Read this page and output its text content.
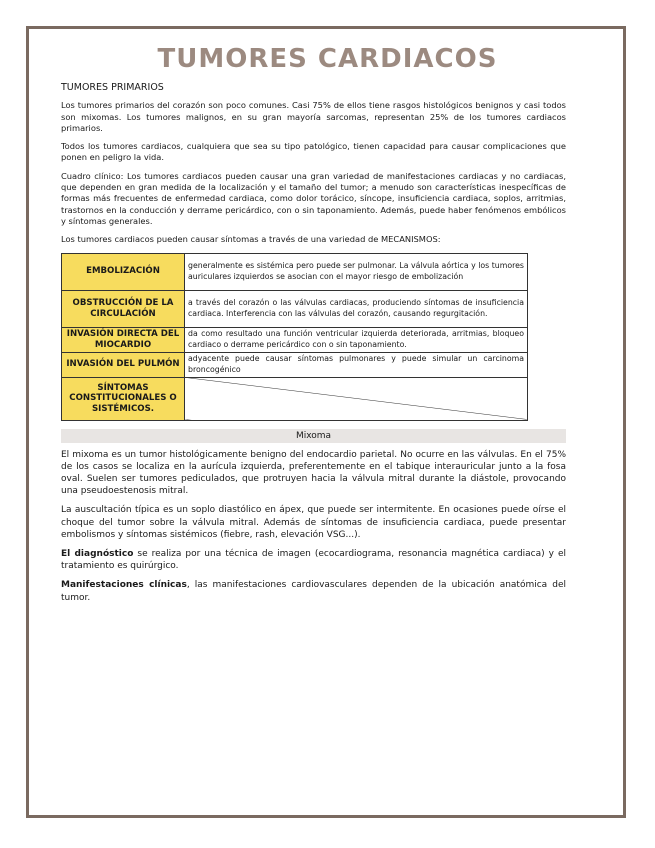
TUMORES CARDIACOS
TUMORES PRIMARIOS

Los tumores primarios del corazón son poco comunes. Casi 75% de ellos tiene rasgos histológicos benignos y casi todos son mixomas. Los tumores malignos, en su gran mayoría sarcomas, representan 25% de los tumores cardiacos primarios.

Todos los tumores cardiacos, cualquiera que sea su tipo patológico, tienen capacidad para causar complicaciones que ponen en peligro la vida.

Cuadro clínico: Los tumores cardiacos pueden causar una gran variedad de manifestaciones cardiacas y no cardiacas, que dependen en gran medida de la localización y el tamaño del tumor; a menudo son características inespecíficas de formas más frecuentes de enfermedad cardiaca, como dolor torácico, síncope, insuficiencia cardiaca, soplos, arritmias, trastornos en la conducción y derrame pericárdico, con o sin taponamiento. Además, puede haber fenómenos embólicos y síntomas generales.

Los tumores cardiacos pueden causar síntomas a través de una variedad de MECANISMOS:

EMBOLIZACIÓN	generalmente es sistémica pero puede ser pulmonar. La válvula aórtica y los tumores auriculares izquierdos se asocian con el mayor riesgo de embolización
OBSTRUCCIÓN DE LA CIRCULACIÓN	a través del corazón o las válvulas cardiacas, produciendo síntomas de insuficiencia cardiaca. Interferencia con las válvulas del corazón, causando regurgitación.
INVASIÓN DIRECTA DEL MIOCARDIO	da como resultado una función ventricular izquierda deteriorada, arritmias, bloqueo cardiaco o derrame pericárdico con o sin taponamiento.
INVASIÓN DEL PULMÓN	adyacente puede causar síntomas pulmonares y puede simular un carcinoma broncogénico
SÍNTOMAS CONSTITUCIONALES O SISTÉMICOS.	
Mixoma

El mixoma es un tumor histológicamente benigno del endocardio parietal. No ocurre en las válvulas. En el 75% de los casos se localiza en la aurícula izquierda, preferentemente en el tabique interauricular junto a la fosa oval. Suelen ser tumores pediculados, que protruyen hacia la válvula mitral durante la diástole, provocando una pseudoestenosis mitral.

La auscultación típica es un soplo diastólico en ápex, que puede ser intermitente. En ocasiones puede oírse el choque del tumor sobre la válvula mitral. Además de síntomas de insuficiencia cardiaca, puede presentar embolismos y síntomas sistémicos (fiebre, rash, elevación VSG...).

El diagnóstico se realiza por una técnica de imagen (ecocardiograma, resonancia magnética cardiaca) y el tratamiento es quirúrgico.

Manifestaciones clínicas, las manifestaciones cardiovasculares dependen de la ubicación anatómica del tumor.
